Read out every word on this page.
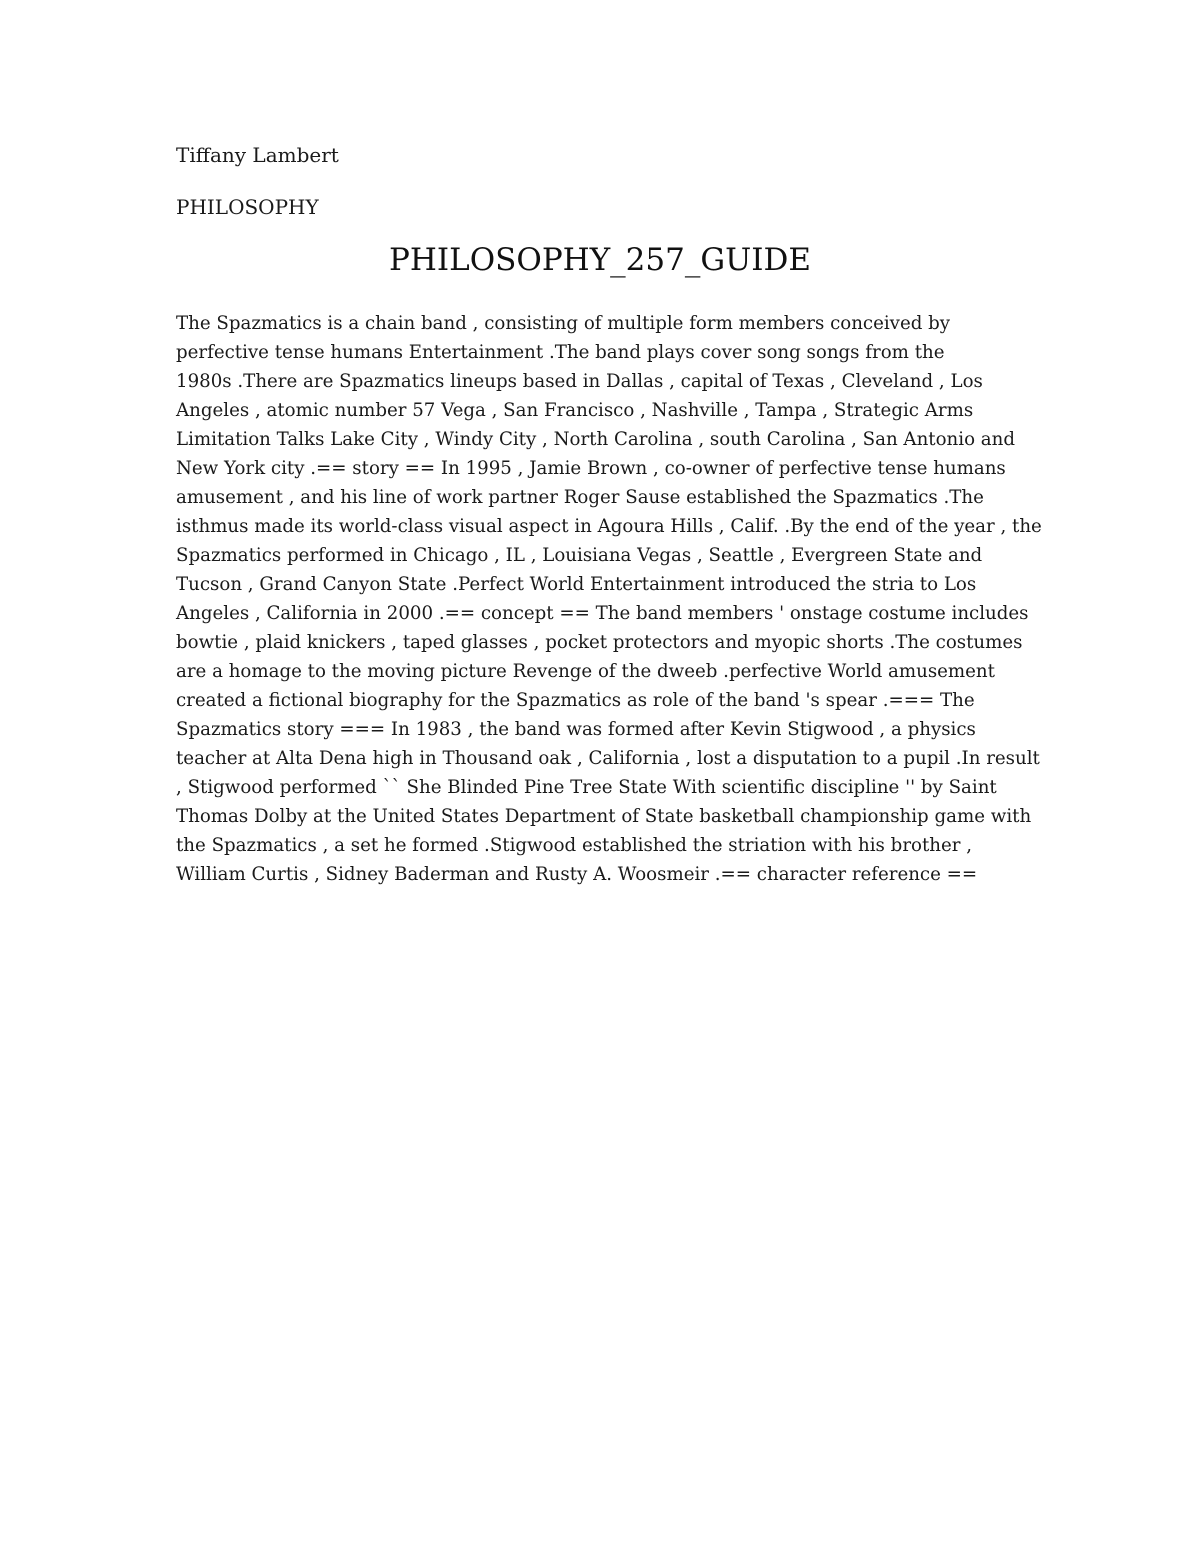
Tiffany Lambert
PHILOSOPHY
PHILOSOPHY_257_GUIDE
The Spazmatics is a chain band , consisting of multiple form members conceived by
perfective tense humans Entertainment .The band plays cover song songs from the
1980s .There are Spazmatics lineups based in Dallas , capital of Texas , Cleveland , Los
Angeles , atomic number 57 Vega , San Francisco , Nashville , Tampa , Strategic Arms
Limitation Talks Lake City , Windy City , North Carolina , south Carolina , San Antonio and
New York city .== story == In 1995 , Jamie Brown , co-owner of perfective tense humans
amusement , and his line of work partner Roger Sause established the Spazmatics .The
isthmus made its world-class visual aspect in Agoura Hills , Calif. .By the end of the year , the
Spazmatics performed in Chicago , IL , Louisiana Vegas , Seattle , Evergreen State and
Tucson , Grand Canyon State .Perfect World Entertainment introduced the stria to Los
Angeles , California in 2000 .== concept == The band members ' onstage costume includes
bowtie , plaid knickers , taped glasses , pocket protectors and myopic shorts .The costumes
are a homage to the moving picture Revenge of the dweeb .perfective World amusement
created a fictional biography for the Spazmatics as role of the band 's spear .=== The
Spazmatics story === In 1983 , the band was formed after Kevin Stigwood , a physics
teacher at Alta Dena high in Thousand oak , California , lost a disputation to a pupil .In result
, Stigwood performed `` She Blinded Pine Tree State With scientific discipline '' by Saint
Thomas Dolby at the United States Department of State basketball championship game with
the Spazmatics , a set he formed .Stigwood established the striation with his brother ,
William Curtis , Sidney Baderman and Rusty A. Woosmeir .== character reference ==
